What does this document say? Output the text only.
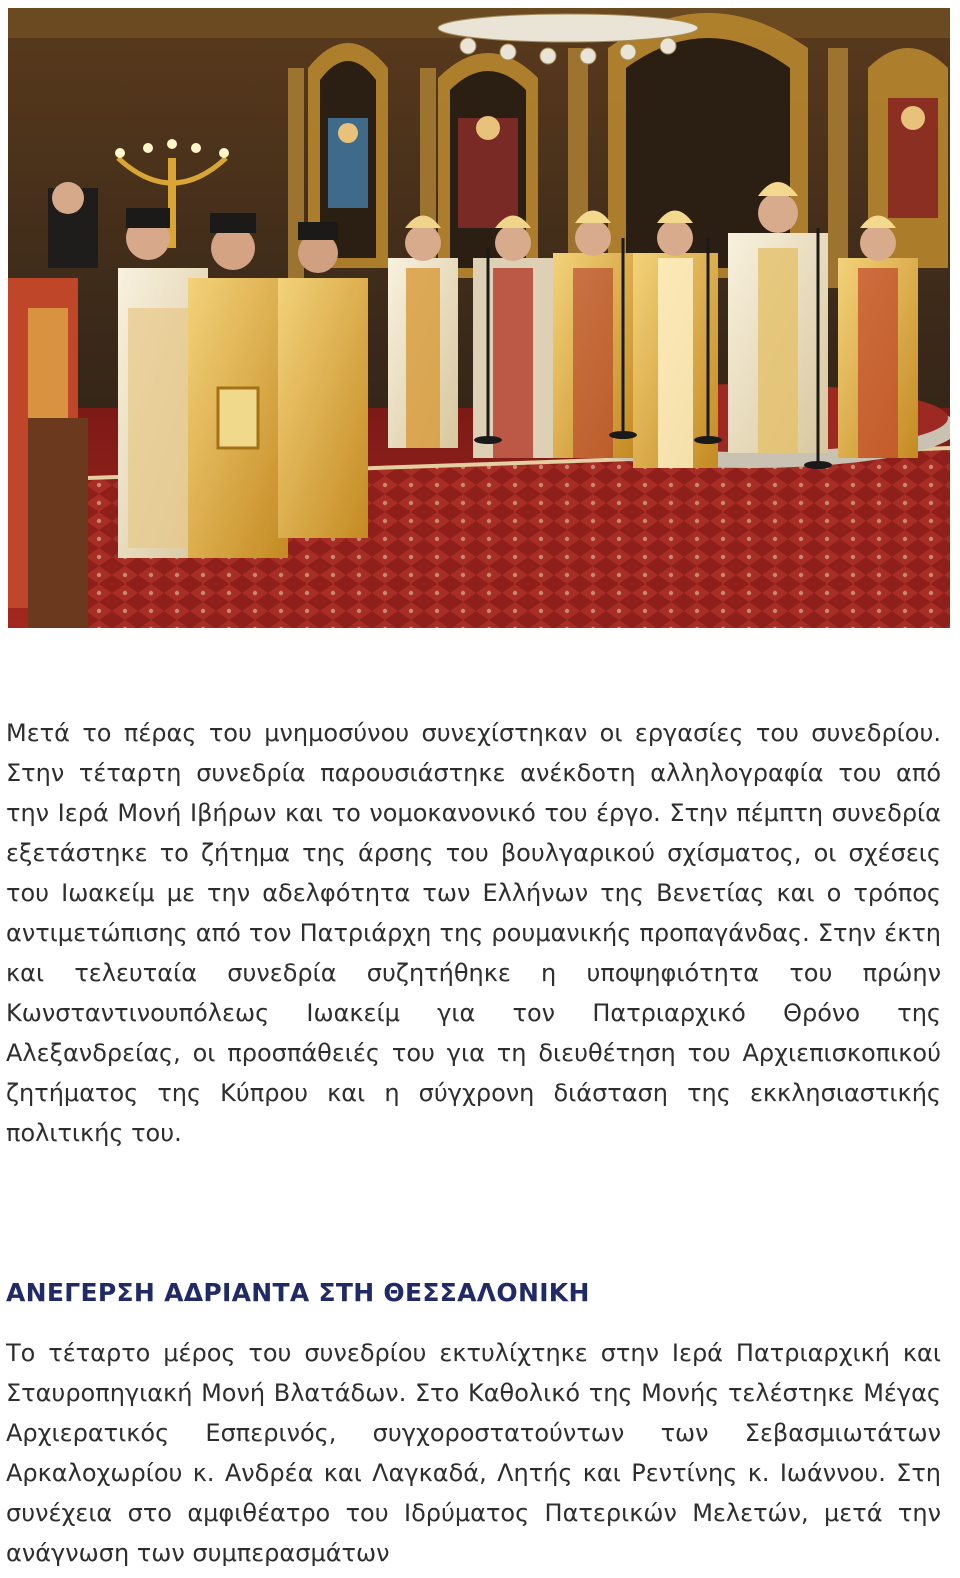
Μετά το πέρας του μνημοσύνου συνεχίστηκαν οι εργασίες του συνεδρίου. Στην τέταρτη συνεδρία παρουσιάστηκε ανέκδοτη αλληλογραφία του από την Ιερά Μονή Ιβήρων και το νομοκανονικό του έργο. Στην πέμπτη συνεδρία εξετάστηκε το ζήτημα της άρσης του βουλγαρικού σχίσματος, οι σχέσεις του Ιωακείμ με την αδελφότητα των Ελλήνων της Βενετίας και ο τρόπος αντιμετώπισης από τον Πατριάρχη της ρουμανικής προπαγάνδας. Στην έκτη και τελευταία συνεδρία συζητήθηκε η υποψηφιότητα του πρώην Κωνσταντινουπόλεως Ιωακείμ για τον Πατριαρχικό Θρόνο της Αλεξανδρείας, οι προσπάθειές του για τη διευθέτηση του Αρχιεπισκοπικού ζητήματος της Κύπρου και η σύγχρονη διάσταση της εκκλησιαστικής πολιτικής του.

ΑΝΕΓΕΡΣΗ ΑΔΡΙΑΝΤΑ ΣΤΗ ΘΕΣΣΑΛΟΝΙΚΗ

Το τέταρτο μέρος του συνεδρίου εκτυλίχτηκε στην Ιερά Πατριαρχική και Σταυροπηγιακή Μονή Βλατάδων. Στο Καθολικό της Μονής τελέστηκε Μέγας Αρχιερατικός Εσπερινός, συγχοροστατούντων των Σεβασμιωτάτων Αρκαλοχωρίου κ. Ανδρέα και Λαγκαδά, Λητής και Ρεντίνης κ. Ιωάννου. Στη συνέχεια στο αμφιθέατρο του Ιδρύματος Πατερικών Μελετών, μετά την ανάγνωση των συμπερασμάτων
